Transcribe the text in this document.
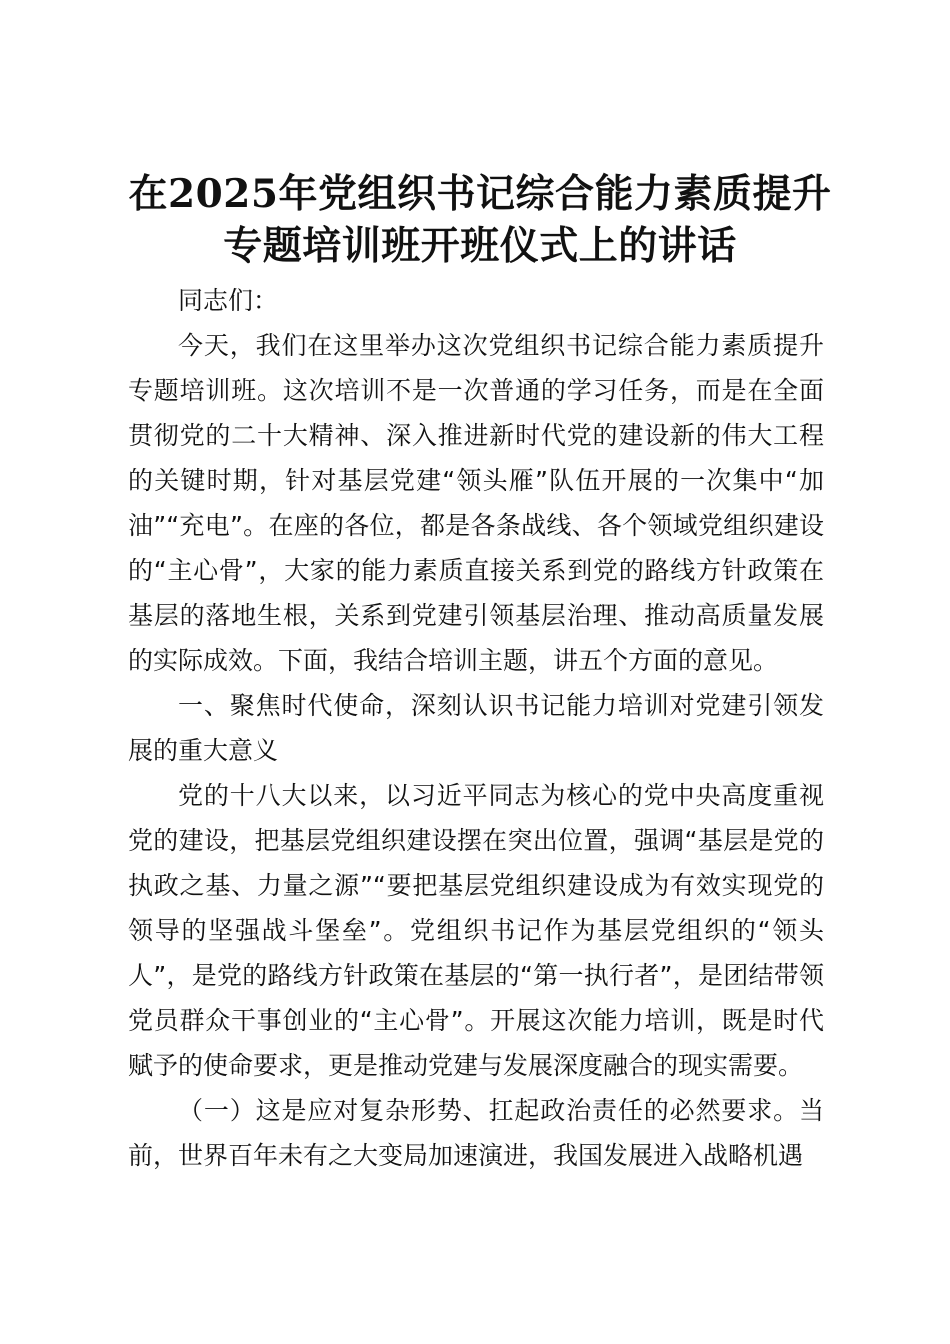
在2025年党组织书记综合能力素质提升专题培训班开班仪式上的讲话

同志们：

今天，我们在这里举办这次党组织书记综合能力素质提升专题培训班。这次培训不是一次普通的学习任务，而是在全面贯彻党的二十大精神、深入推进新时代党的建设新的伟大工程的关键时期，针对基层党建“领头雁”队伍开展的一次集中“加油”“充电”。在座的各位，都是各条战线、各个领域党组织建设的“主心骨”，大家的能力素质直接关系到党的路线方针政策在基层的落地生根，关系到党建引领基层治理、推动高质量发展的实际成效。下面，我结合培训主题，讲五个方面的意见。

一、聚焦时代使命，深刻认识书记能力培训对党建引领发展的重大意义

党的十八大以来，以习近平同志为核心的党中央高度重视党的建设，把基层党组织建设摆在突出位置，强调“基层是党的执政之基、力量之源”“要把基层党组织建设成为有效实现党的领导的坚强战斗堡垒”。党组织书记作为基层党组织的“领头人”，是党的路线方针政策在基层的“第一执行者”，是团结带领党员群众干事创业的“主心骨”。开展这次能力培训，既是时代赋予的使命要求，更是推动党建与发展深度融合的现实需要。

（一）这是应对复杂形势、扛起政治责任的必然要求。当前，世界百年未有之大变局加速演进，我国发展进入战略机遇
